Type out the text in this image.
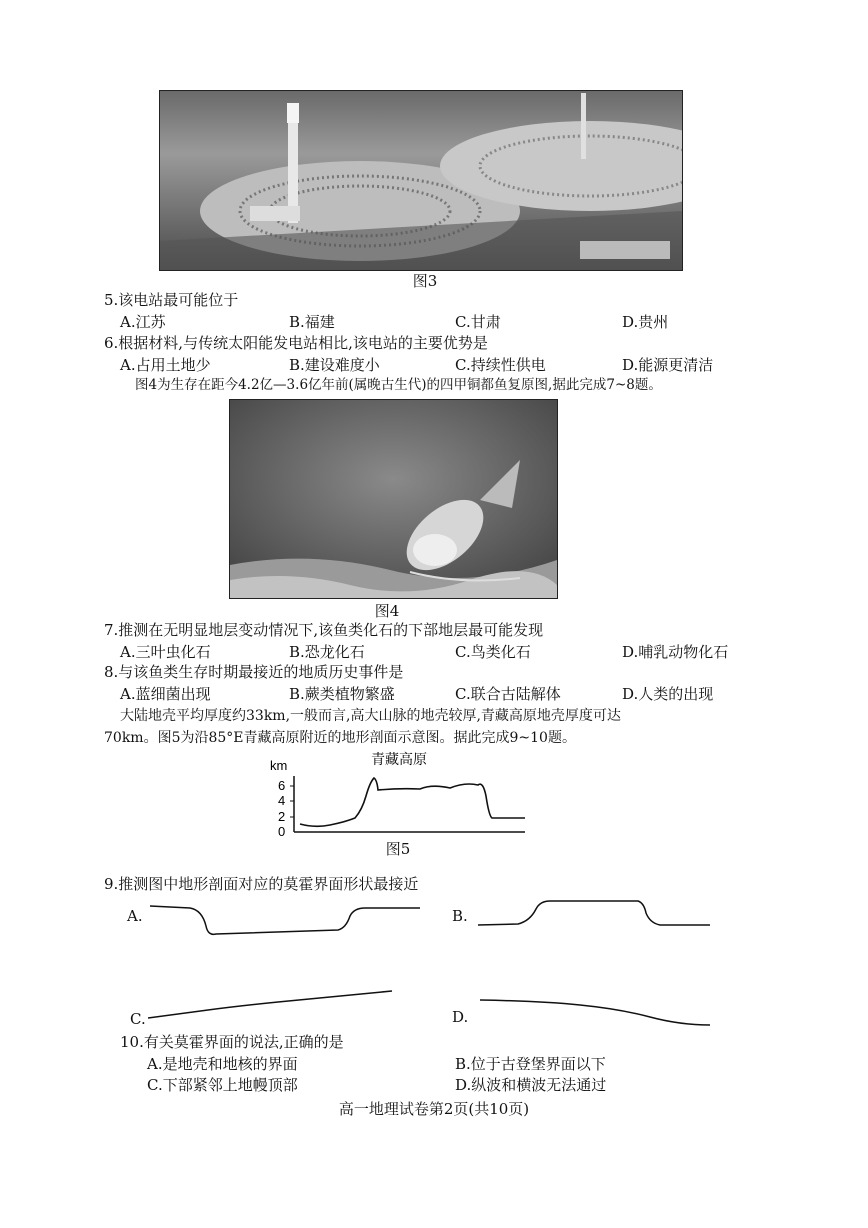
图3
5.该电站最可能位于
A.江苏	B.福建	C.甘肃	D.贵州
6.根据材料,与传统太阳能发电站相比,该电站的主要优势是
A.占用土地少	B.建设难度小	C.持续性供电	D.能源更清洁
图4为生存在距今4.2亿—3.6亿年前(属晚古生代)的四甲铜都鱼复原图,据此完成7~8题。
图4
7.推测在无明显地层变动情况下,该鱼类化石的下部地层最可能发现
A.三叶虫化石	B.恐龙化石	C.鸟类化石	D.哺乳动物化石
8.与该鱼类生存时期最接近的地质历史事件是
A.蓝细菌出现	B.蕨类植物繁盛	C.联合古陆解体	D.人类的出现
大陆地壳平均厚度约33km,一般而言,高大山脉的地壳较厚,青藏高原地壳厚度可达
70km。图5为沿85°E青藏高原附近的地形剖面示意图。据此完成9~10题。
km	青藏高原
6
4
2
0
图5
9.推测图中地形剖面对应的莫霍界面形状最接近
A.	B.
C.	D.
10.有关莫霍界面的说法,正确的是
A.是地壳和地核的界面	B.位于古登堡界面以下
C.下部紧邻上地幔顶部	D.纵波和横波无法通过
高一地理试卷第2页(共10页)
